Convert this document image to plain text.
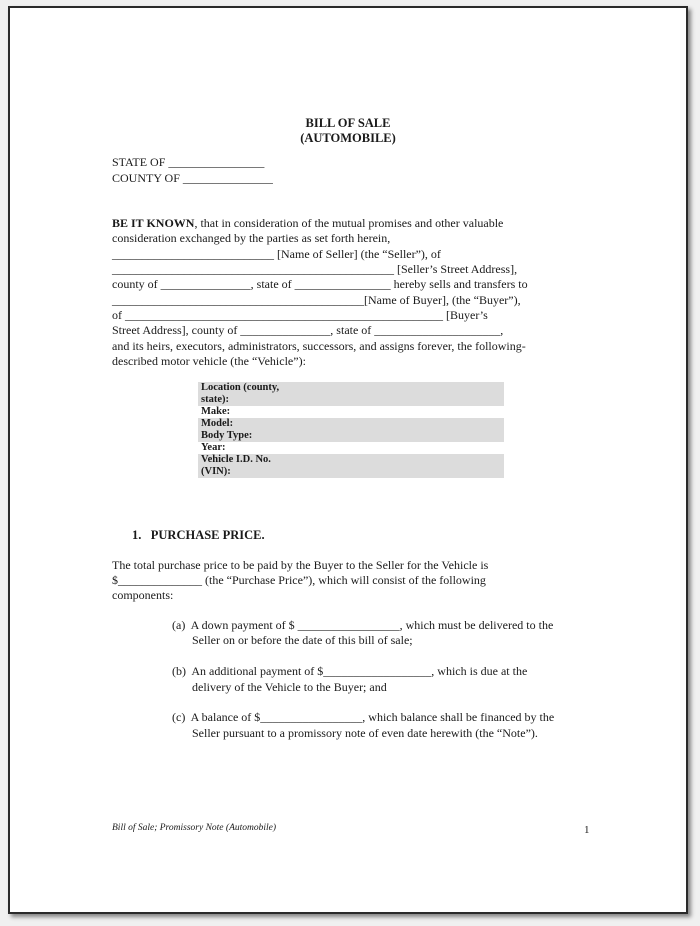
BILL OF SALE
(AUTOMOBILE)
STATE OF ________________
COUNTY OF _______________
BE IT KNOWN, that in consideration of the mutual promises and other valuable
consideration exchanged by the parties as set forth herein,
___________________________ [Name of Seller] (the “Seller”), of
_______________________________________________ [Seller’s Street Address],
county of _______________, state of ________________ hereby sells and transfers to
__________________________________________[Name of Buyer], (the “Buyer”),
of _____________________________________________________ [Buyer’s
Street Address], county of _______________, state of _____________________,
and its heirs, executors, administrators, successors, and assigns forever, the following-
described motor vehicle (the “Vehicle”):
Location (county,
state):
Make:
Model:
Body Type:
Year:
Vehicle I.D. No.
(VIN):
1.   PURCHASE PRICE.
The total purchase price to be paid by the Buyer to the Seller for the Vehicle is
$______________ (the “Purchase Price”), which will consist of the following
components:
(a)  A down payment of $ _________________, which must be delivered to the
Seller on or before the date of this bill of sale;
(b)  An additional payment of $__________________, which is due at the
delivery of the Vehicle to the Buyer; and
(c)  A balance of $_________________, which balance shall be financed by the
Seller pursuant to a promissory note of even date herewith (the “Note”).
Bill of Sale; Promissory Note (Automobile)	1
